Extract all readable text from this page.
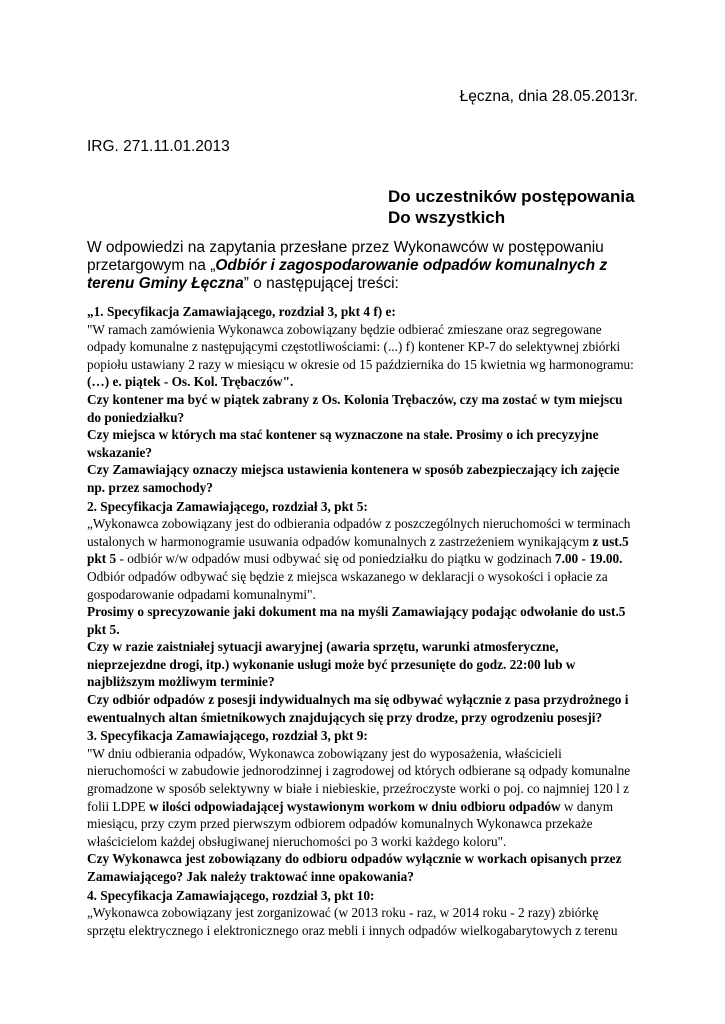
Łęczna, dnia 28.05.2013r.
IRG. 271.11.01.2013
Do uczestników postępowania
Do wszystkich
W odpowiedzi na zapytania przesłane przez Wykonawców w postępowaniu przetargowym na „Odbiór i zagospodarowanie odpadów komunalnych z terenu Gminy Łęczna” o następującej treści:

„1. Specyfikacja Zamawiającego, rozdział 3, pkt 4 f) e:

"W ramach zamówienia Wykonawca zobowiązany będzie odbierać zmieszane oraz segregowane
odpady komunalne z następującymi częstotliwościami: (...) f) kontener KP-7 do selektywnej zbiórki
popiołu ustawiany 2 razy w miesiącu w okresie od 15 października do 15 kwietnia wg harmonogramu:
(…) e. piątek - Os. Kol. Trębaczów".

Czy kontener ma być w piątek zabrany z Os. Kolonia Trębaczów, czy ma zostać w tym miejscu
do poniedziałku?

Czy miejsca w których ma stać kontener są wyznaczone na stałe. Prosimy o ich precyzyjne
wskazanie?

Czy Zamawiający oznaczy miejsca ustawienia kontenera w sposób zabezpieczający ich zajęcie
np. przez samochody?

2. Specyfikacja Zamawiającego, rozdział 3, pkt 5:

„Wykonawca zobowiązany jest do odbierania odpadów z poszczególnych nieruchomości w terminach
ustalonych w harmonogramie usuwania odpadów komunalnych z zastrzeżeniem wynikającym z ust.5
pkt 5 - odbiór w/w odpadów musi odbywać się od poniedziałku do piątku w godzinach 7.00 - 19.00.
Odbiór odpadów odbywać się będzie z miejsca wskazanego w deklaracji o wysokości i opłacie za
gospodarowanie odpadami komunalnymi".

Prosimy o sprecyzowanie jaki dokument ma na myśli Zamawiający podając odwołanie do ust.5
pkt 5.

Czy w razie zaistniałej sytuacji awaryjnej (awaria sprzętu, warunki atmosferyczne,
nieprzejezdne drogi, itp.) wykonanie usługi może być przesunięte do godz. 22:00 lub w
najbliższym możliwym terminie?

Czy odbiór odpadów z posesji indywidualnych ma się odbywać wyłącznie z pasa przydrożnego i
ewentualnych altan śmietnikowych znajdujących się przy drodze, przy ogrodzeniu posesji?

3. Specyfikacja Zamawiającego, rozdział 3, pkt 9:

"W dniu odbierania odpadów, Wykonawca zobowiązany jest do wyposażenia, właścicieli
nieruchomości w zabudowie jednorodzinnej i zagrodowej od których odbierane są odpady komunalne
gromadzone w sposób selektywny w białe i niebieskie, przeźroczyste worki o poj. co najmniej 120 l z
folii LDPE w ilości odpowiadającej wystawionym workom w dniu odbioru odpadów w danym
miesiącu, przy czym przed pierwszym odbiorem odpadów komunalnych Wykonawca przekaże
właścicielom każdej obsługiwanej nieruchomości po 3 worki każdego koloru".

Czy Wykonawca jest zobowiązany do odbioru odpadów wyłącznie w workach opisanych przez
Zamawiającego? Jak należy traktować inne opakowania?

4. Specyfikacja Zamawiającego, rozdział 3, pkt 10:

„Wykonawca zobowiązany jest zorganizować (w 2013 roku - raz, w 2014 roku - 2 razy) zbiórkę
sprzętu elektrycznego i elektronicznego oraz mebli i innych odpadów wielkogabarytowych z terenu
